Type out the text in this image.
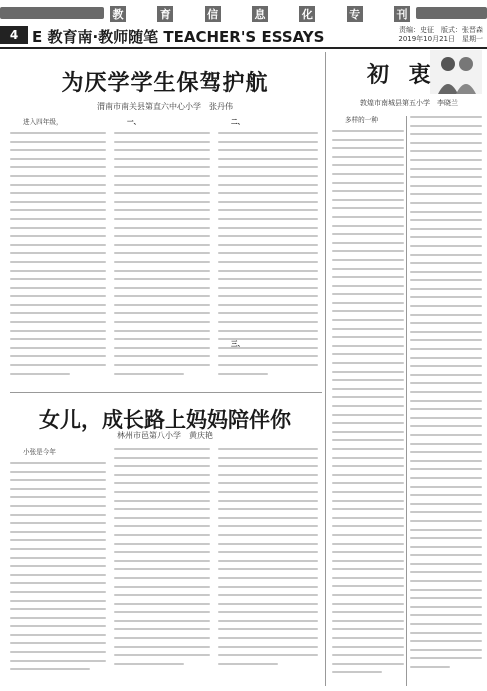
教	育	信	息	化	专	刊
4 E 教育南·教师随笔 TEACHER'S ESSAYS	责编：史征　版式：张晋森
2019年10月21日　星期一
为厌学学生保驾护航
渭南市南关县第直六中心小学　张丹伟

进入四年级，	一、	二、
三、
女儿，成长路上妈妈陪伴你
林州市邑第八小学　黄庆艳

小张是今年

初 衷
敦煌市南城县第五小学　李晓兰

多样的一种
